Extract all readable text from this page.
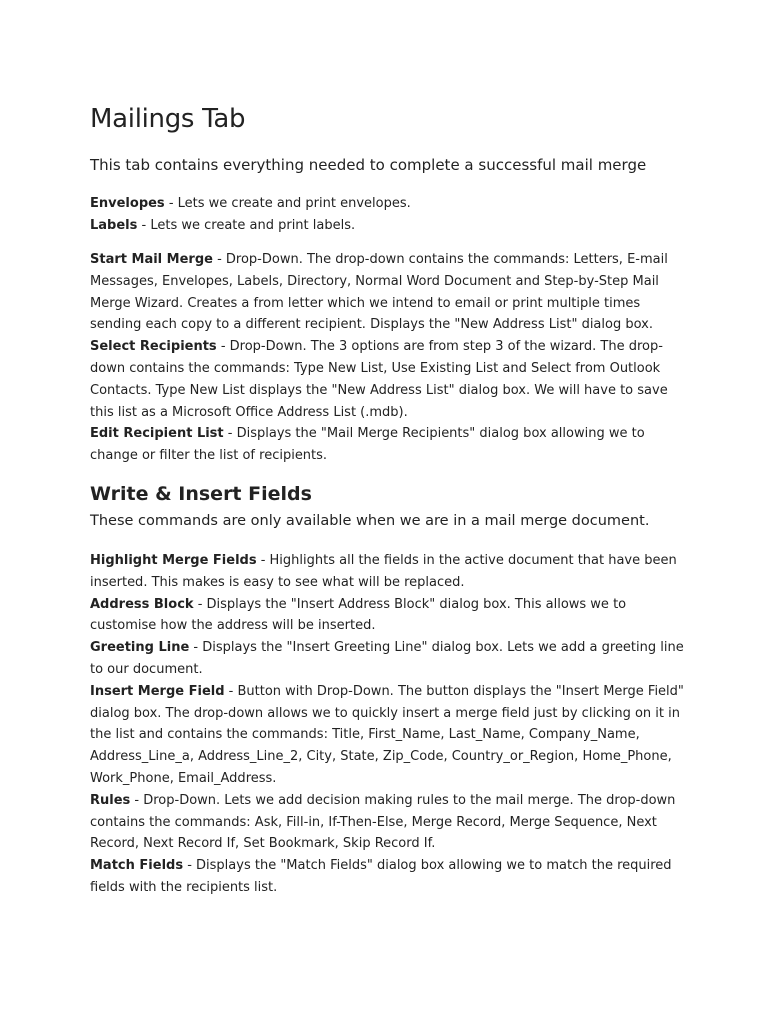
Mailings Tab

This tab contains everything needed to complete a successful mail merge

Envelopes - Lets we create and print envelopes.

Labels - Lets we create and print labels.

Start Mail Merge - Drop-Down. The drop-down contains the commands: Letters, E-mail Messages, Envelopes, Labels, Directory, Normal Word Document and Step-by-Step Mail Merge Wizard. Creates a from letter which we intend to email or print multiple times sending each copy to a different recipient. Displays the "New Address List" dialog box.

Select Recipients - Drop-Down. The 3 options are from step 3 of the wizard. The drop-down contains the commands: Type New List, Use Existing List and Select from Outlook Contacts. Type New List displays the "New Address List" dialog box. We will have to save this list as a Microsoft Office Address List (.mdb).

Edit Recipient List - Displays the "Mail Merge Recipients" dialog box allowing we to change or filter the list of recipients.

Write & Insert Fields

These commands are only available when we are in a mail merge document.

Highlight Merge Fields - Highlights all the fields in the active document that have been inserted. This makes is easy to see what will be replaced.

Address Block - Displays the "Insert Address Block" dialog box. This allows we to customise how the address will be inserted.

Greeting Line - Displays the "Insert Greeting Line" dialog box. Lets we add a greeting line to our document.

Insert Merge Field - Button with Drop-Down. The button displays the "Insert Merge Field" dialog box. The drop-down allows we to quickly insert a merge field just by clicking on it in the list and contains the commands: Title, First_Name, Last_Name, Company_Name, Address_Line_a, Address_Line_2, City, State, Zip_Code, Country_or_Region, Home_Phone, Work_Phone, Email_Address.

Rules - Drop-Down. Lets we add decision making rules to the mail merge. The drop-down contains the commands: Ask, Fill-in, If-Then-Else, Merge Record, Merge Sequence, Next Record, Next Record If, Set Bookmark, Skip Record If.

Match Fields - Displays the "Match Fields" dialog box allowing we to match the required fields with the recipients list.
